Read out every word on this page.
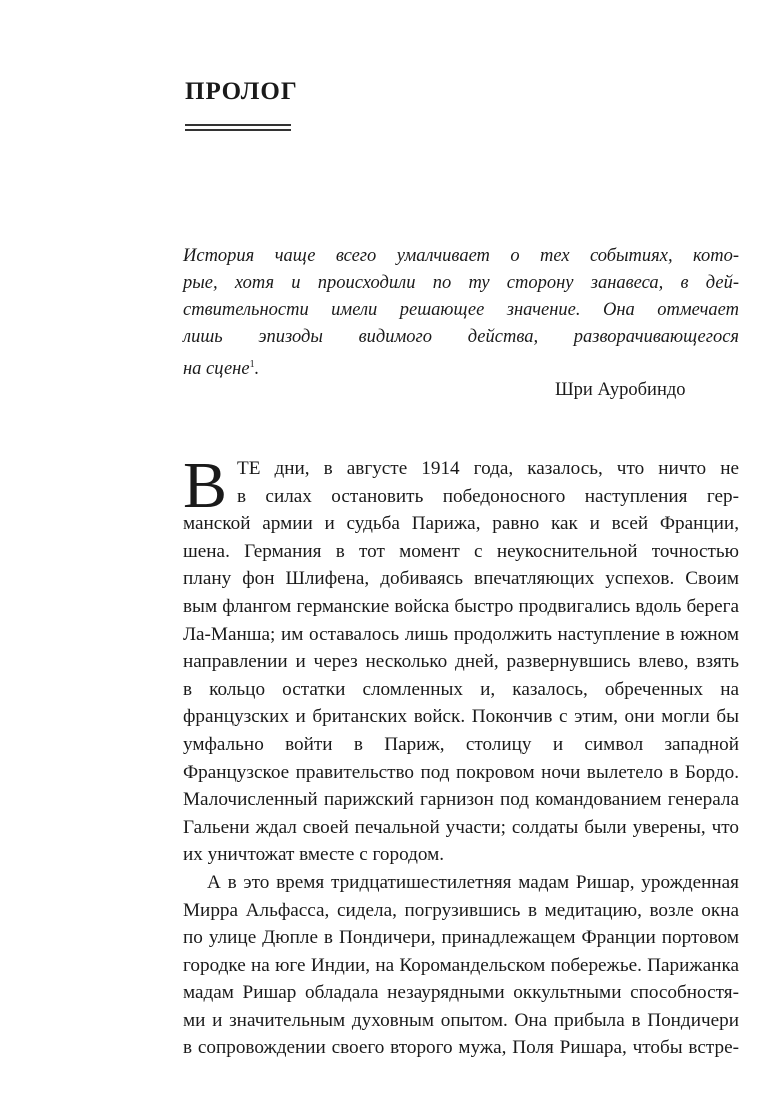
ПРОЛОГ
История чаще всего умалчивает о тех событиях, кото-
рые, хотя и происходили по ту сторону занавеса, в дей-
ствительности имели решающее значение. Она отмечает
лишь эпизоды видимого действа, разворачивающегося
на сцене$^1$.
Шри Ауробиндо
В ТЕ дни, в августе 1914 года, казалось, что ничто не
в силах остановить победоносного наступления гер-
манской армии и судьба Парижа, равно как и всей Франции,
шена. Германия в тот момент с неукоснительной точностью
плану фон Шлифена, добиваясь впечатляющих успехов. Своим
вым флангом германские войска быстро продвигались вдоль берега
Ла-Манша; им оставалось лишь продолжить наступление в южном
направлении и через несколько дней, развернувшись влево, взять
в кольцо остатки сломленных и, казалось, обреченных на
французских и британских войск. Покончив с этим, они могли бы
умфально войти в Париж, столицу и символ западной
Французское правительство под покровом ночи вылетело в Бордо.
Малочисленный парижский гарнизон под командованием генерала
Гальени ждал своей печальной участи; солдаты были уверены, что
их уничтожат вместе с городом.
А в это время тридцатишестилетняя мадам Ришар, урожденная
Мирра Альфасса, сидела, погрузившись в медитацию, возле окна
по улице Дюпле в Пондичери, принадлежащем Франции портовом
городке на юге Индии, на Коромандельском побережье. Парижанка
мадам Ришар обладала незаурядными оккультными способностя-
ми и значительным духовным опытом. Она прибыла в Пондичери
в сопровождении своего второго мужа, Поля Ришара, чтобы встре-
